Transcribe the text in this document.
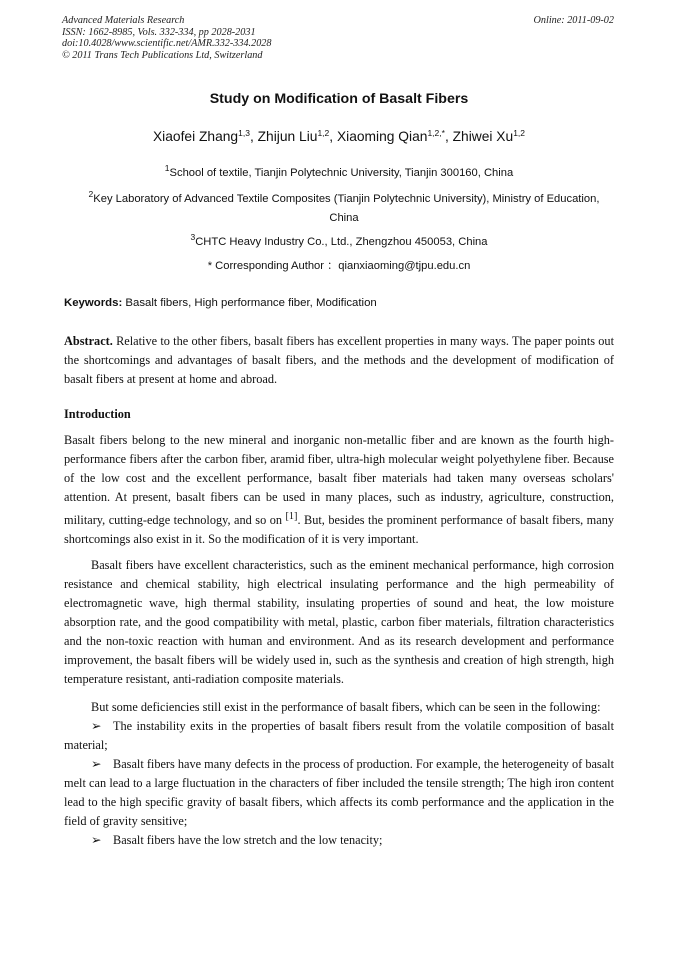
Advanced Materials Research
ISSN: 1662-8985, Vols. 332-334, pp 2028-2031
doi:10.4028/www.scientific.net/AMR.332-334.2028
© 2011 Trans Tech Publications Ltd, Switzerland
Online: 2011-09-02
Study on Modification of Basalt Fibers
Xiaofei Zhang$^{1,3}$, Zhijun Liu$^{1,2}$, Xiaoming Qian$^{1,2,*}$, Zhiwei Xu$^{1,2}$
$^1$School of textile, Tianjin Polytechnic University, Tianjin 300160, China
$^2$Key Laboratory of Advanced Textile Composites (Tianjin Polytechnic University), Ministry of Education, China
$^3$CHTC Heavy Industry Co., Ltd., Zhengzhou 450053, China
* Corresponding Author ：qianxiaoming@tjpu.edu.cn
Keywords: Basalt fibers, High performance fiber, Modification
Abstract. Relative to the other fibers, basalt fibers has excellent properties in many ways. The paper points out the shortcomings and advantages of basalt fibers, and the methods and the development of modification of basalt fibers at present at home and abroad.
Introduction
Basalt fibers belong to the new mineral and inorganic non-metallic fiber and are known as the fourth high-performance fibers after the carbon fiber, aramid fiber, ultra-high molecular weight polyethylene fiber. Because of the low cost and the excellent performance, basalt fiber materials had taken many overseas scholars' attention. At present, basalt fibers can be used in many places, such as industry, agriculture, construction, military, cutting-edge technology, and so on [1]. But, besides the prominent performance of basalt fibers, many shortcomings also exist in it. So the modification of it is very important.
Basalt fibers have excellent characteristics, such as the eminent mechanical performance, high corrosion resistance and chemical stability, high electrical insulating performance and the high permeability of electromagnetic wave, high thermal stability, insulating properties of sound and heat, the low moisture absorption rate, and the good compatibility with metal, plastic, carbon fiber materials, filtration characteristics and the non-toxic reaction with human and environment. And as its research development and performance improvement, the basalt fibers will be widely used in, such as the synthesis and creation of high strength, high temperature resistant, anti-radiation composite materials.
But some deficiencies still exist in the performance of basalt fibers, which can be seen in the following:
➢ The instability exits in the properties of basalt fibers result from the volatile composition of basalt material;
➢ Basalt fibers have many defects in the process of production. For example, the heterogeneity of basalt melt can lead to a large fluctuation in the characters of fiber included the tensile strength; The high iron content lead to the high specific gravity of basalt fibers, which affects its comb performance and the application in the field of gravity sensitive;
➢ Basalt fibers have the low stretch and the low tenacity;
